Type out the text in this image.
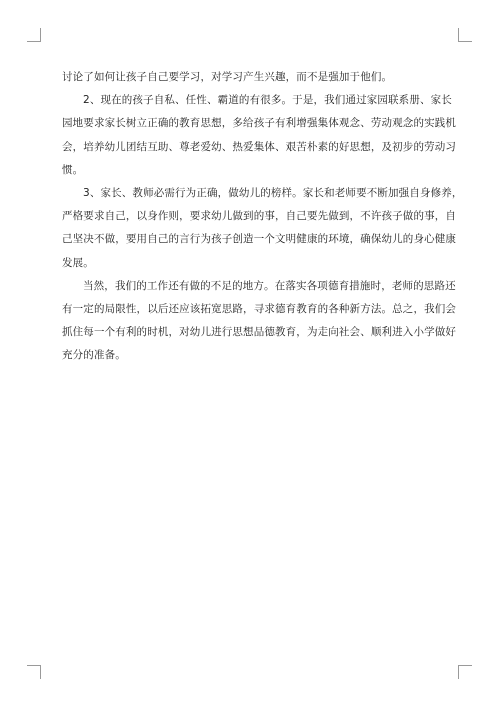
讨论了如何让孩子自己要学习，对学习产生兴趣，而不是强加于他们。

2、现在的孩子自私、任性、霸道的有很多。于是，我们通过家园联系册、家长

园地要求家长树立正确的教育思想，多给孩子有利增强集体观念、劳动观念的实践机

会，培养幼儿团结互助、尊老爱幼、热爱集体、艰苦朴素的好思想，及初步的劳动习

惯。

3、家长、教师必需行为正确，做幼儿的榜样。家长和老师要不断加强自身修养，

严格要求自己，以身作则，要求幼儿做到的事，自己要先做到，不许孩子做的事，自

己坚决不做，要用自己的言行为孩子创造一个文明健康的环境，确保幼儿的身心健康

发展。

当然，我们的工作还有做的不足的地方。在落实各项德育措施时，老师的思路还

有一定的局限性，以后还应该拓宽思路，寻求德育教育的各种新方法。总之，我们会

抓住每一个有利的时机，对幼儿进行思想品德教育，为走向社会、顺利进入小学做好

充分的准备。
